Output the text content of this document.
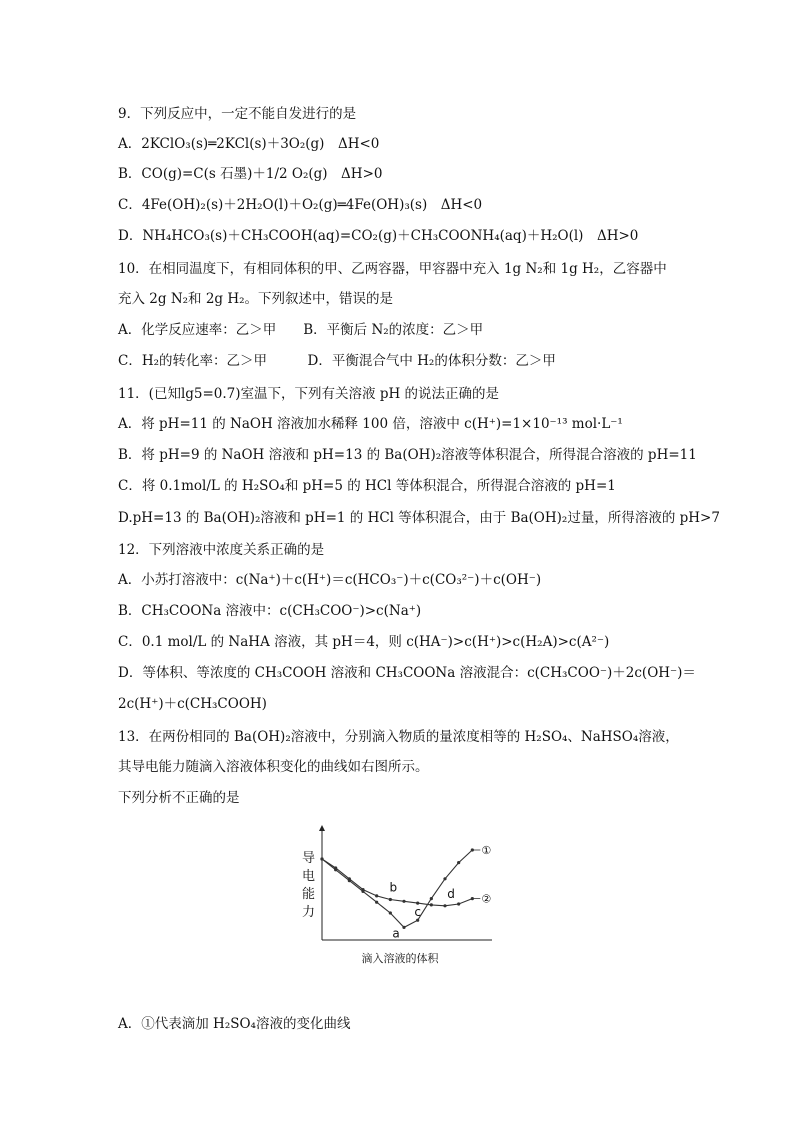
9．下列反应中，一定不能自发进行的是
A．2KClO₃(s)═2KCl(s)＋3O₂(g)　ΔH<0
B．CO(g)=C(s 石墨)＋1/2 O₂(g)　ΔH>0
C．4Fe(OH)₂(s)＋2H₂O(l)＋O₂(g)═4Fe(OH)₃(s)　ΔH<0
D．NH₄HCO₃(s)＋CH₃COOH(aq)=CO₂(g)＋CH₃COONH₄(aq)＋H₂O(l)　ΔH>0
10．在相同温度下，有相同体积的甲、乙两容器，甲容器中充入 1g N₂和 1g H₂，乙容器中
充入 2g N₂和 2g H₂。下列叙述中，错误的是
A．化学反应速率：乙＞甲　　B．平衡后 N₂的浓度：乙＞甲
C．H₂的转化率：乙＞甲　　　D．平衡混合气中 H₂的体积分数：乙＞甲
11．(已知lg5=0.7)室温下，下列有关溶液 pH 的说法正确的是
A．将 pH=11 的 NaOH 溶液加水稀释 100 倍，溶液中 c(H⁺)=1×10⁻¹³ mol·L⁻¹
B．将 pH=9 的 NaOH 溶液和 pH=13 的 Ba(OH)₂溶液等体积混合，所得混合溶液的 pH=11
C．将 0.1mol/L 的 H₂SO₄和 pH=5 的 HCl 等体积混合，所得混合溶液的 pH=1
D.pH=13 的 Ba(OH)₂溶液和 pH=1 的 HCl 等体积混合，由于 Ba(OH)₂过量，所得溶液的 pH>7
12．下列溶液中浓度关系正确的是
A．小苏打溶液中：c(Na⁺)＋c(H⁺)＝c(HCO₃⁻)＋c(CO₃²⁻)＋c(OH⁻)
B．CH₃COONa 溶液中：c(CH₃COO⁻)>c(Na⁺)
C．0.1 mol/L 的 NaHA 溶液，其 pH＝4，则 c(HA⁻)>c(H⁺)>c(H₂A)>c(A²⁻)
D．等体积、等浓度的 CH₃COOH 溶液和 CH₃COONa 溶液混合：c(CH₃COO⁻)＋2c(OH⁻)＝
2c(H⁺)＋c(CH₃COOH)
13．在两份相同的 Ba(OH)₂溶液中，分别滴入物质的量浓度相等的 H₂SO₄、NaHSO₄溶液，
其导电能力随滴入溶液体积变化的曲线如右图所示。
下列分析不正确的是
①
②
a
b
c
d
导电能力
滴入溶液的体积
A．①代表滴加 H₂SO₄溶液的变化曲线
